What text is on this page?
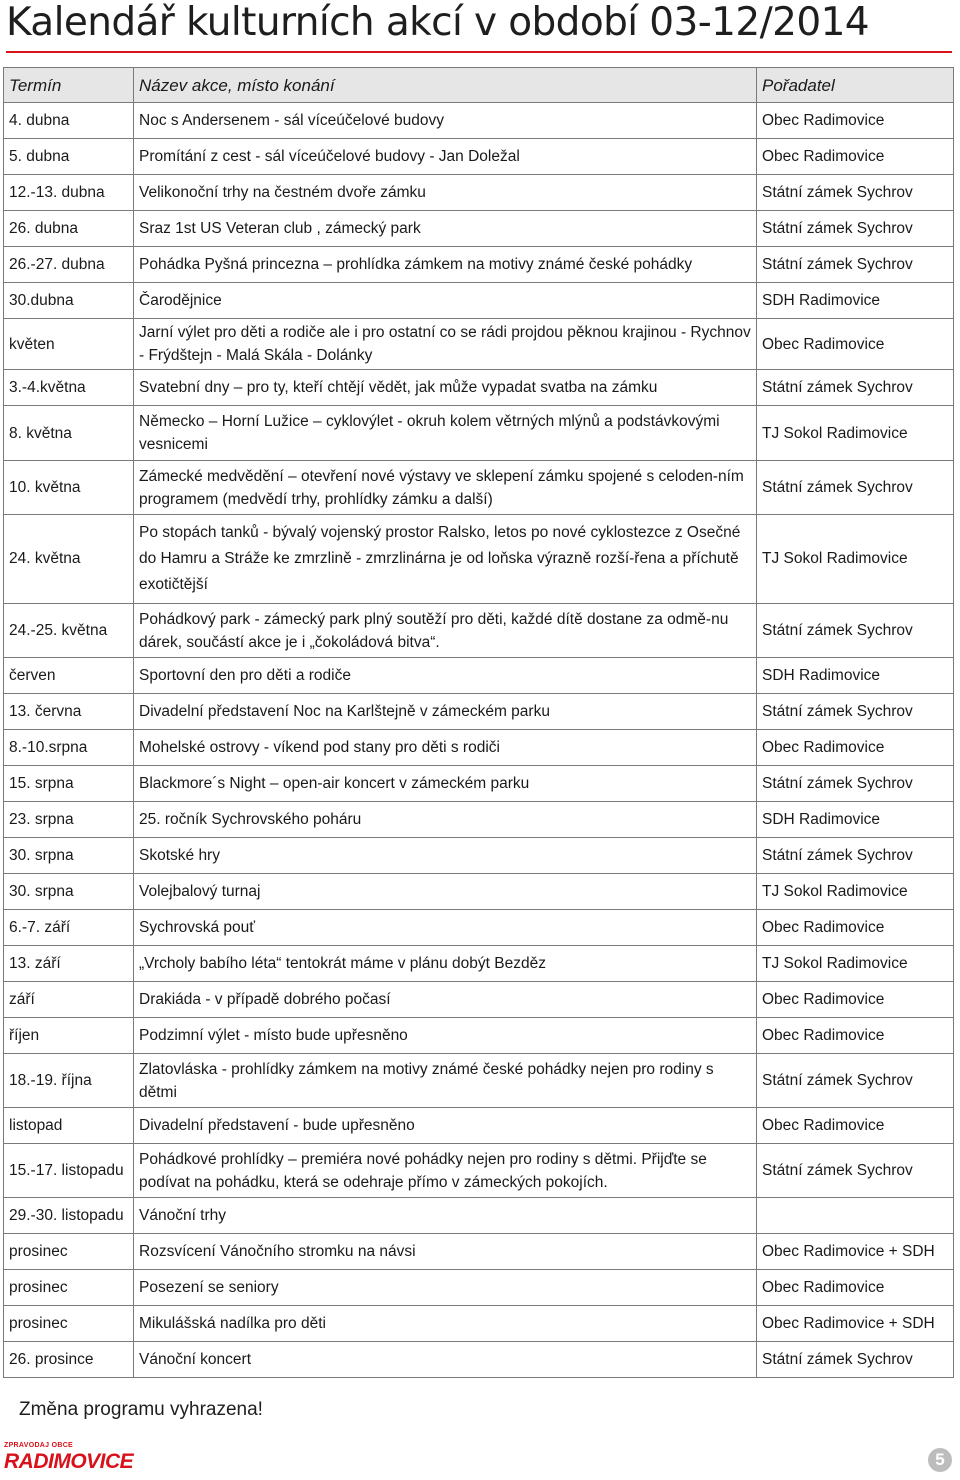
Kalendář kulturních akcí v období 03-12/2014
Termín	Název akce, místo konání	Pořadatel
4. dubna	Noc s Andersenem - sál víceúčelové budovy	Obec Radimovice
5. dubna	Promítání z cest - sál víceúčelové budovy - Jan Doležal	Obec Radimovice
12.-13. dubna	Velikonoční trhy na čestném dvoře zámku	Státní zámek Sychrov
26. dubna	Sraz 1st US Veteran club , zámecký park	Státní zámek Sychrov
26.-27. dubna	Pohádka Pyšná princezna – prohlídka zámkem na motivy známé české pohádky	Státní zámek Sychrov
30.dubna	Čarodějnice	SDH Radimovice
květen	Jarní výlet pro děti a rodiče ale i pro ostatní co se rádi projdou pěknou krajinou - Rychnov - Frýdštejn - Malá Skála - Dolánky	Obec Radimovice
3.-4.května	Svatební dny – pro ty, kteří chtějí vědět, jak může vypadat svatba na zámku	Státní zámek Sychrov
8. května	Německo – Horní Lužice – cyklovýlet - okruh kolem větrných mlýnů a podstávkovými vesnicemi	TJ Sokol Radimovice
10. května	Zámecké medvědění – otevření nové výstavy ve sklepení zámku spojené s celoden-ním programem (medvědí trhy, prohlídky zámku a další)	Státní zámek Sychrov
24. května	Po stopách tanků - bývalý vojenský prostor Ralsko, letos po nové cyklostezce z Osečné do Hamru a Stráže ke zmrzlině - zmrzlinárna je od loňska výrazně rozší-řena a příchutě exotičtější	TJ Sokol Radimovice
24.-25. května	Pohádkový park - zámecký park plný soutěží pro děti, každé dítě dostane za odmě-nu dárek, součástí akce je i „čokoládová bitva“.	Státní zámek Sychrov
červen	Sportovní den pro děti a rodiče	SDH Radimovice
13. června	Divadelní představení Noc na Karlštejně v zámeckém parku	Státní zámek Sychrov
8.-10.srpna	Mohelské ostrovy - víkend pod stany pro děti s rodiči	Obec Radimovice
15. srpna	Blackmore´s Night – open-air koncert v zámeckém parku	Státní zámek Sychrov
23. srpna	25. ročník Sychrovského poháru	SDH Radimovice
30. srpna	Skotské hry	Státní zámek Sychrov
30. srpna	Volejbalový turnaj	TJ Sokol Radimovice
6.-7. září	Sychrovská pouť	Obec Radimovice
13. září	„Vrcholy babího léta“ tentokrát máme v plánu dobýt Bezděz	TJ Sokol Radimovice
září	Drakiáda - v případě dobrého počasí	Obec Radimovice
říjen	Podzimní výlet - místo bude upřesněno	Obec Radimovice
18.-19. října	Zlatovláska - prohlídky zámkem na motivy známé české pohádky nejen pro rodiny s dětmi	Státní zámek Sychrov
listopad	Divadelní představení - bude upřesněno	Obec Radimovice
15.-17. listopadu	Pohádkové prohlídky – premiéra nové pohádky nejen pro rodiny s dětmi. Přijďte se podívat na pohádku, která se odehraje přímo v zámeckých pokojích.	Státní zámek Sychrov
29.-30. listopadu	Vánoční trhy	
prosinec	Rozsvícení Vánočního stromku na návsi	Obec Radimovice + SDH
prosinec	Posezení se seniory	Obec Radimovice
prosinec	Mikulášská nadílka pro děti	Obec Radimovice + SDH
26. prosince	Vánoční koncert	Státní zámek Sychrov
Změna programu vyhrazena!
ZPRAVODAJ OBCE
RADIMOVICE	5
